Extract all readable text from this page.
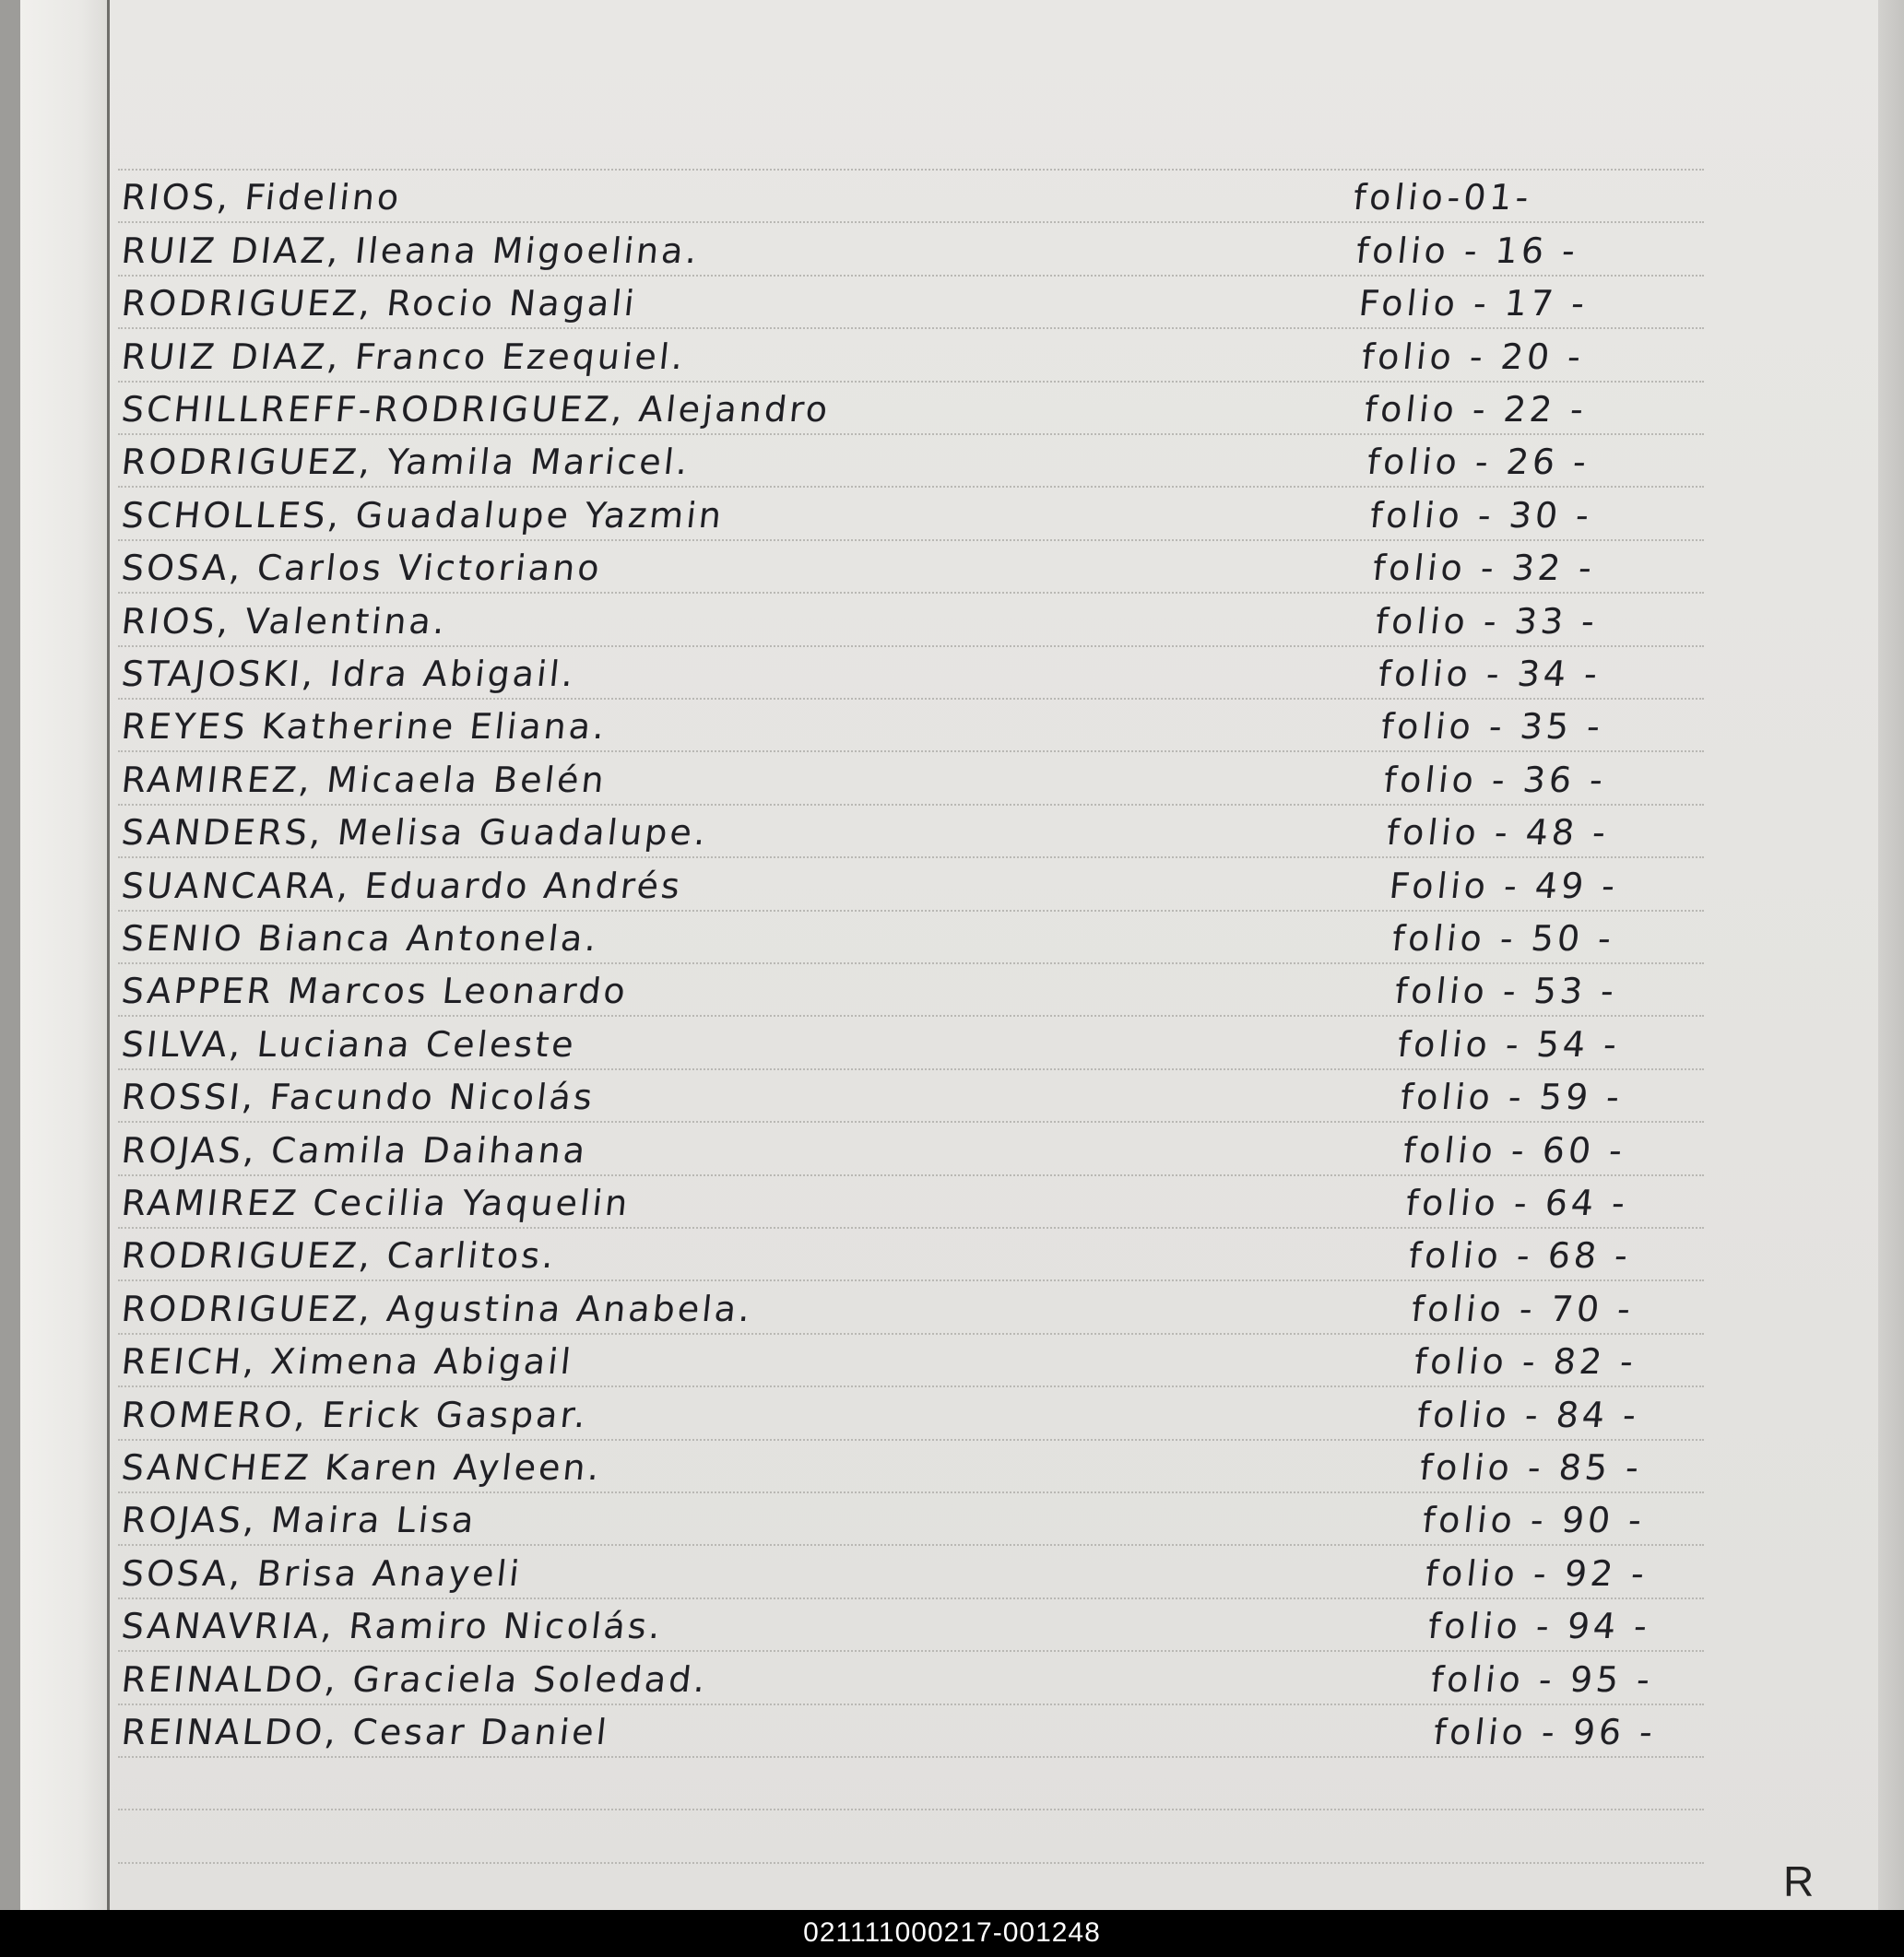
RIOS, Fidelino	folio-01-
RUIZ DIAZ, Ileana Migoelina.	folio - 16 -
RODRIGUEZ, Rocio Nagali	Folio - 17 -
RUIZ DIAZ, Franco Ezequiel.	folio - 20 -
SCHILLREFF-RODRIGUEZ, Alejandro	folio - 22 -
RODRIGUEZ, Yamila Maricel.	folio - 26 -
SCHOLLES, Guadalupe Yazmin	folio - 30 -
SOSA, Carlos Victoriano	folio - 32 -
RIOS, Valentina.	folio - 33 -
STAJOSKI, Idra Abigail.	folio - 34 -
REYES Katherine Eliana.	folio - 35 -
RAMIREZ, Micaela Belén	folio - 36 -
SANDERS, Melisa Guadalupe.	folio - 48 -
SUANCARA, Eduardo Andrés	Folio - 49 -
SENIO Bianca Antonela.	folio - 50 -
SAPPER Marcos Leonardo	folio - 53 -
SILVA, Luciana Celeste	folio - 54 -
ROSSI, Facundo Nicolás	folio - 59 -
ROJAS, Camila Daihana	folio - 60 -
RAMIREZ Cecilia Yaquelin	folio - 64 -
RODRIGUEZ, Carlitos.	folio - 68 -
RODRIGUEZ, Agustina Anabela.	folio - 70 -
REICH, Ximena Abigail	folio - 82 -
ROMERO, Erick Gaspar.	folio - 84 -
SANCHEZ Karen Ayleen.	folio - 85 -
ROJAS, Maira Lisa	folio - 90 -
SOSA, Brisa Anayeli	folio - 92 -
SANAVRIA, Ramiro Nicolás.	folio - 94 -
REINALDO, Graciela Soledad.	folio - 95 -
REINALDO, Cesar Daniel	folio - 96 -
R
021111000217-001248
